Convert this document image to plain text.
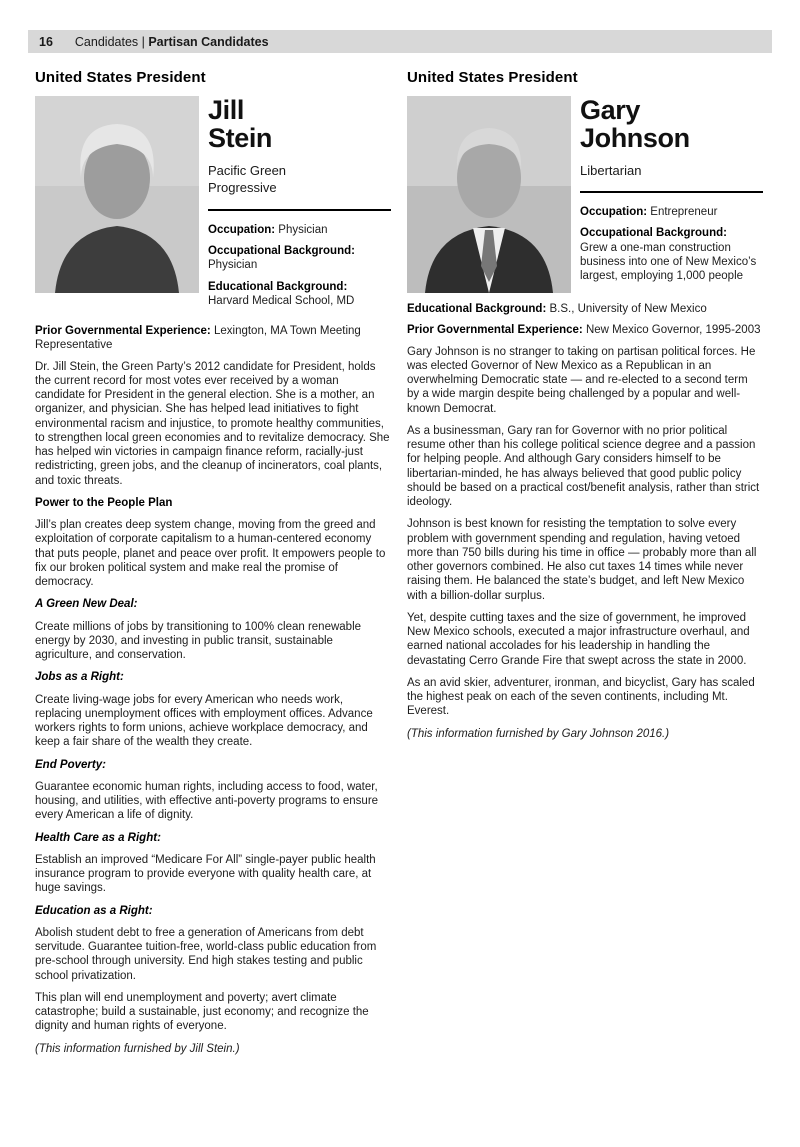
16 Candidates | Partisan Candidates
United States President
Jill
Stein
Pacific Green
Progressive

Occupation: Physician

Occupational Background:
Physician

Educational Background:
Harvard Medical School, MD

Prior Governmental Experience: Lexington, MA Town Meeting Representative

Dr. Jill Stein, the Green Party’s 2012 candidate for President, holds the current record for most votes ever received by a woman candidate for President in the general election. She is a mother, an organizer, and physician. She has helped lead initiatives to fight environmental racism and injustice, to promote healthy communities, to strengthen local green economies and to revitalize democracy. She has helped win victories in campaign finance reform, racially-just redistricting, green jobs, and the cleanup of incinerators, coal plants, and toxic threats.

Power to the People Plan

Jill’s plan creates deep system change, moving from the greed and exploitation of corporate capitalism to a human-centered economy that puts people, planet and peace over profit. It empowers people to fix our broken political system and make real the promise of democracy.

A Green New Deal:

Create millions of jobs by transitioning to 100% clean renewable energy by 2030, and investing in public transit, sustainable agriculture, and conservation.

Jobs as a Right:

Create living-wage jobs for every American who needs work, replacing unemployment offices with employment offices. Advance workers rights to form unions, achieve workplace democracy, and keep a fair share of the wealth they create.

End Poverty:

Guarantee economic human rights, including access to food, water, housing, and utilities, with effective anti-poverty programs to ensure every American a life of dignity.

Health Care as a Right:

Establish an improved “Medicare For All” single-payer public health insurance program to provide everyone with quality health care, at huge savings.

Education as a Right:

Abolish student debt to free a generation of Americans from debt servitude. Guarantee tuition-free, world-class public education from pre-school through university. End high stakes testing and public school privatization.

This plan will end unemployment and poverty; avert climate catastrophe; build a sustainable, just economy; and recognize the dignity and human rights of everyone.

(This information furnished by Jill Stein.)

United States President
Gary
Johnson
Libertarian

Occupation: Entrepreneur

Occupational Background:
Grew a one-man construction business into one of New Mexico’s largest, employing 1,000 people

Educational Background: B.S., University of New Mexico

Prior Governmental Experience: New Mexico Governor, 1995-2003

Gary Johnson is no stranger to taking on partisan political forces. He was elected Governor of New Mexico as a Republican in an overwhelming Democratic state — and re-elected to a second term by a wide margin despite being challenged by a popular and well-known Democrat.

As a businessman, Gary ran for Governor with no prior political resume other than his college political science degree and a passion for helping people. And although Gary considers himself to be libertarian-minded, he has always believed that good public policy should be based on a practical cost/benefit analysis, rather than strict ideology.

Johnson is best known for resisting the temptation to solve every problem with government spending and regulation, having vetoed more than 750 bills during his time in office — probably more than all other governors combined. He also cut taxes 14 times while never raising them. He balanced the state’s budget, and left New Mexico with a billion-dollar surplus.

Yet, despite cutting taxes and the size of government, he improved New Mexico schools, executed a major infrastructure overhaul, and earned national accolades for his leadership in handling the devastating Cerro Grande Fire that swept across the state in 2000.

As an avid skier, adventurer, ironman, and bicyclist, Gary has scaled the highest peak on each of the seven continents, including Mt. Everest.

(This information furnished by Gary Johnson 2016.)
